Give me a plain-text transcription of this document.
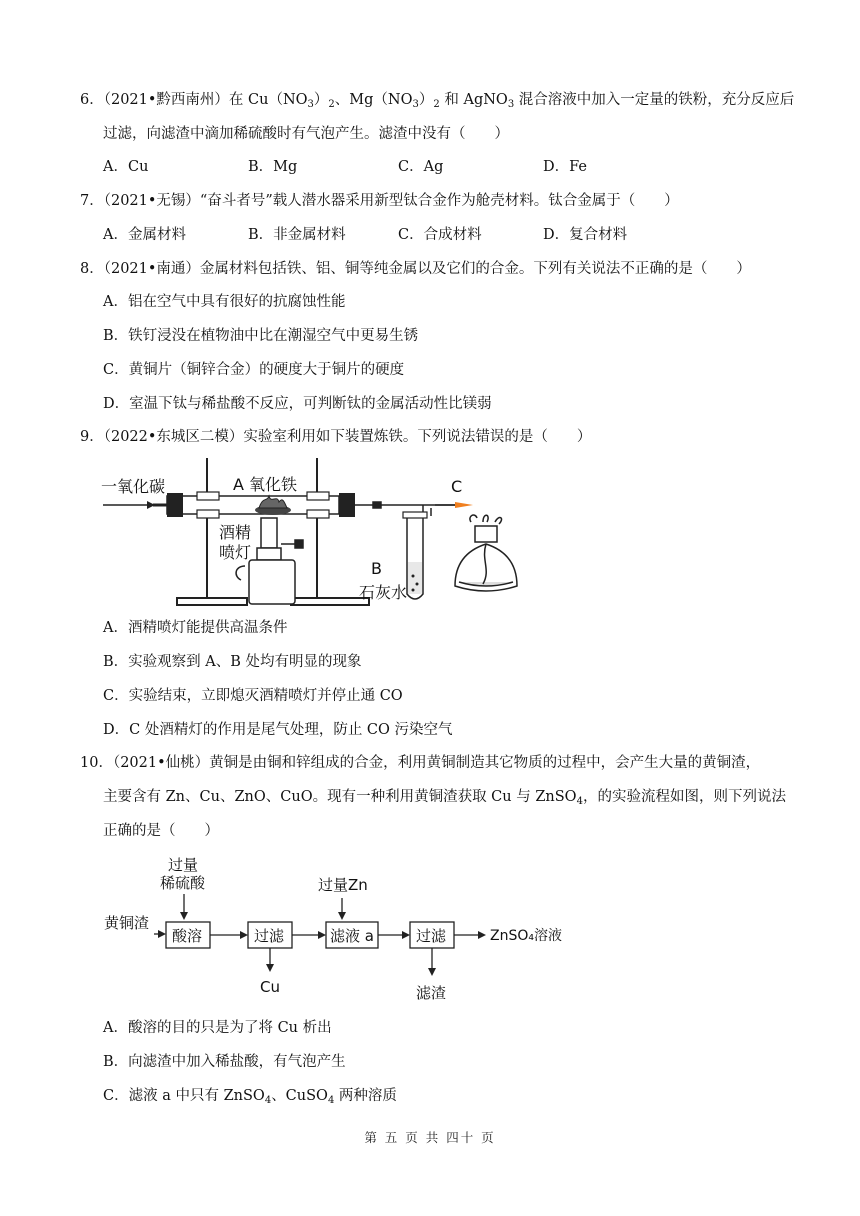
6．（2021•黔西南州）在 $Cu(NO_3)_2$、$Mg(NO_3)_2$ 和 AgNO$_3$ 混合溶液中加入一定量的铁粉，充分反应后
过滤，向滤渣中滴加稀硫酸时有气泡产生。滤渣中没有（　　）
A．Cu	B．Mg	C．Ag	D．Fe
7．（2021•无锡）“奋斗者号”载人潜水器采用新型钛合金作为舱壳材料。钛合金属于（　　）
A．金属材料	B．非金属材料	C．合成材料	D．复合材料
8．（2021•南通）金属材料包括铁、铝、铜等纯金属以及它们的合金。下列有关说法不正确的是（　　）
A．铝在空气中具有很好的抗腐蚀性能
B．铁钉浸没在植物油中比在潮湿空气中更易生锈
C．黄铜片（铜锌合金）的硬度大于铜片的硬度
D．室温下钛与稀盐酸不反应，可判断钛的金属活动性比镁弱
9．（2022•东城区二模）实验室利用如下装置炼铁。下列说法错误的是（　　）
一氧化碳	A 氧化铁
酒精
喷灯
B
石灰水
C
A．酒精喷灯能提供高温条件
B．实验观察到 A、B 处均有明显的现象
C．实验结束，立即熄灭酒精喷灯并停止通 CO
D．C 处酒精灯的作用是尾气处理，防止 CO 污染空气
10．（2021•仙桃）黄铜是由铜和锌组成的合金，利用黄铜制造其它物质的过程中，会产生大量的黄铜渣，
主要含有 Zn、Cu、ZnO、CuO。现有一种利用黄铜渣获取 Cu 与 ZnSO$_4$，的实验流程如图，则下列说法
正确的是（　　）
过量
稀硫酸	过量Zn
黄铜渣
酸溶	过滤
Cu
滤液 a	过滤
滤渣
ZnSO₄溶液
A．酸溶的目的只是为了将 Cu 析出
B．向滤渣中加入稀盐酸，有气泡产生
C．滤液 a 中只有 ZnSO$_4$、CuSO$_4$ 两种溶质
第 五 页 共 四十 页
